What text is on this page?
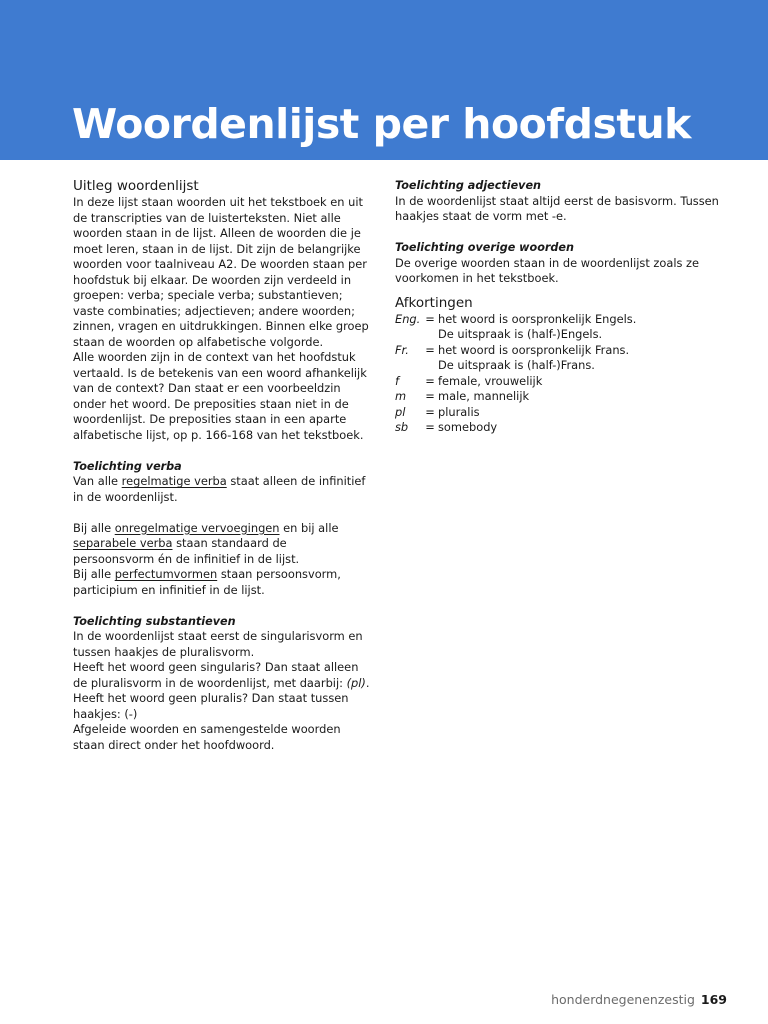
Woordenlijst per hoofdstuk
Uitleg woordenlijst

In deze lijst staan woorden uit het tekstboek en uit de transcripties van de luisterteksten. Niet alle woorden staan in de lijst. Alleen de woorden die je moet leren, staan in de lijst. Dit zijn de belangrijke woorden voor taalniveau A2. De woorden staan per hoofdstuk bij elkaar. De woorden zijn verdeeld in groepen: verba; speciale verba; substantieven; vaste combinaties; adjectieven; andere woorden; zinnen, vragen en uitdrukkingen. Binnen elke groep staan de woorden op alfabetische volgorde.

Alle woorden zijn in de context van het hoofdstuk vertaald. Is de betekenis van een woord afhankelijk van de context? Dan staat er een voorbeeldzin onder het woord. De preposities staan niet in de woordenlijst. De preposities staan in een aparte alfabetische lijst, op p. 166-168 van het tekstboek.

Toelichting verba

Van alle regelmatige verba staat alleen de infinitief in de woordenlijst.

Bij alle onregelmatige vervoegingen en bij alle separabele verba staan standaard de persoonsvorm én de infinitief in de lijst.

Bij alle perfectumvormen staan persoonsvorm, participium en infinitief in de lijst.

Toelichting substantieven

In de woordenlijst staat eerst de singularisvorm en tussen haakjes de pluralisvorm.

Heeft het woord geen singularis? Dan staat alleen de pluralisvorm in de woordenlijst, met daarbij: (pl).

Heeft het woord geen pluralis? Dan staat tussen haakjes: (-)

Afgeleide woorden en samengestelde woorden staan direct onder het hoofdwoord.

Toelichting adjectieven

In de woordenlijst staat altijd eerst de basisvorm. Tussen haakjes staat de vorm met -e.

Toelichting overige woorden

De overige woorden staan in de woordenlijst zoals ze voorkomen in het tekstboek.

Afkortingen
Eng. = het woord is oorspronkelijk Engels.
De uitspraak is (half-)Engels.
Fr.	= het woord is oorspronkelijk Frans.
De uitspraak is (half-)Frans.
f	= female, vrouwelijk
m	= male, mannelijk
pl	= pluralis
sb	= somebody
honderdnegenenzestig 169
